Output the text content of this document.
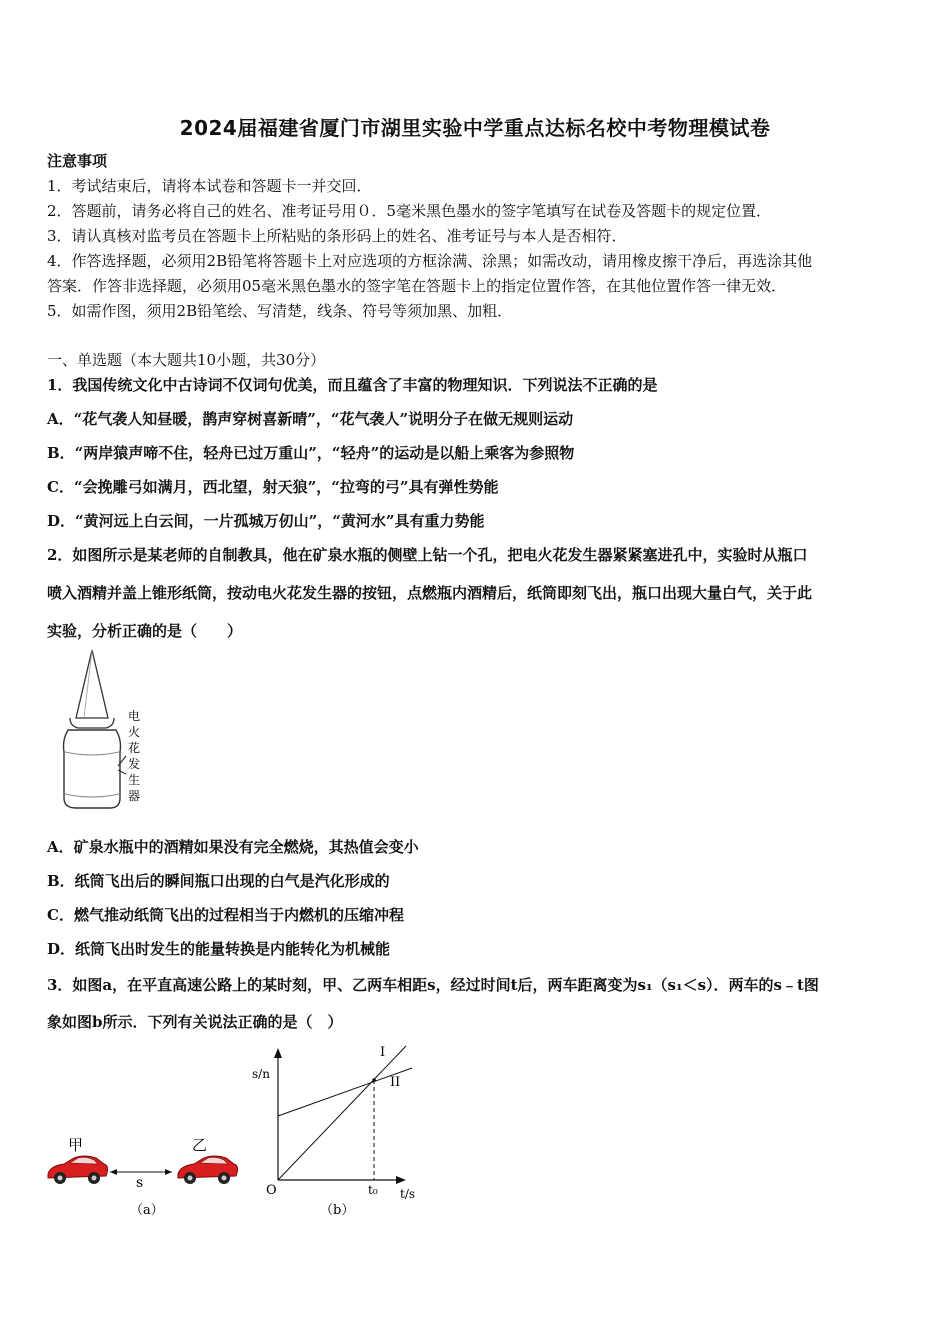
2024届福建省厦门市湖里实验中学重点达标名校中考物理模试卷
注意事项
1．考试结束后，请将本试卷和答题卡一并交回．
2．答题前，请务必将自己的姓名、准考证号用０．5毫米黑色墨水的签字笔填写在试卷及答题卡的规定位置．
3．请认真核对监考员在答题卡上所粘贴的条形码上的姓名、准考证号与本人是否相符．
4．作答选择题，必须用2B铅笔将答题卡上对应选项的方框涂满、涂黑；如需改动，请用橡皮擦干净后，再选涂其他
答案．作答非选择题，必须用05毫米黑色墨水的签字笔在答题卡上的指定位置作答，在其他位置作答一律无效．
5．如需作图，须用2B铅笔绘、写清楚，线条、符号等须加黑、加粗．
一、单选题（本大题共10小题，共30分）
1．我国传统文化中古诗词不仅词句优美，而且蕴含了丰富的物理知识．下列说法不正确的是
A．“花气袭人知昼暖，鹊声穿树喜新晴”，“花气袭人”说明分子在做无规则运动
B．“两岸猿声啼不住，轻舟已过万重山”，“轻舟”的运动是以船上乘客为参照物
C．“会挽雕弓如满月，西北望，射天狼”，“拉弯的弓”具有弹性势能
D．“黄河远上白云间，一片孤城万仞山”，“黄河水”具有重力势能
2．如图所示是某老师的自制教具，他在矿泉水瓶的侧壁上钻一个孔，把电火花发生器紧紧塞进孔中，实验时从瓶口
喷入酒精并盖上锥形纸筒，按动电火花发生器的按钮，点燃瓶内酒精后，纸筒即刻飞出，瓶口出现大量白气，关于此
实验，分析正确的是（　　）
电
火
花
发
生
器
A．矿泉水瓶中的酒精如果没有完全燃烧，其热值会变小
B．纸筒飞出后的瞬间瓶口出现的白气是汽化形成的
C．燃气推动纸筒飞出的过程相当于内燃机的压缩冲程
D．纸筒飞出时发生的能量转换是内能转化为机械能
3．如图a，在平直高速公路上的某时刻，甲、乙两车相距s，经过时间t后，两车距离变为s₁（s₁＜s）．两车的s﹣t图
象如图b所示．下列有关说法正确的是（　）
甲	乙
s
（a）
s/n
t/s
O	t₀
I
II
（b）
